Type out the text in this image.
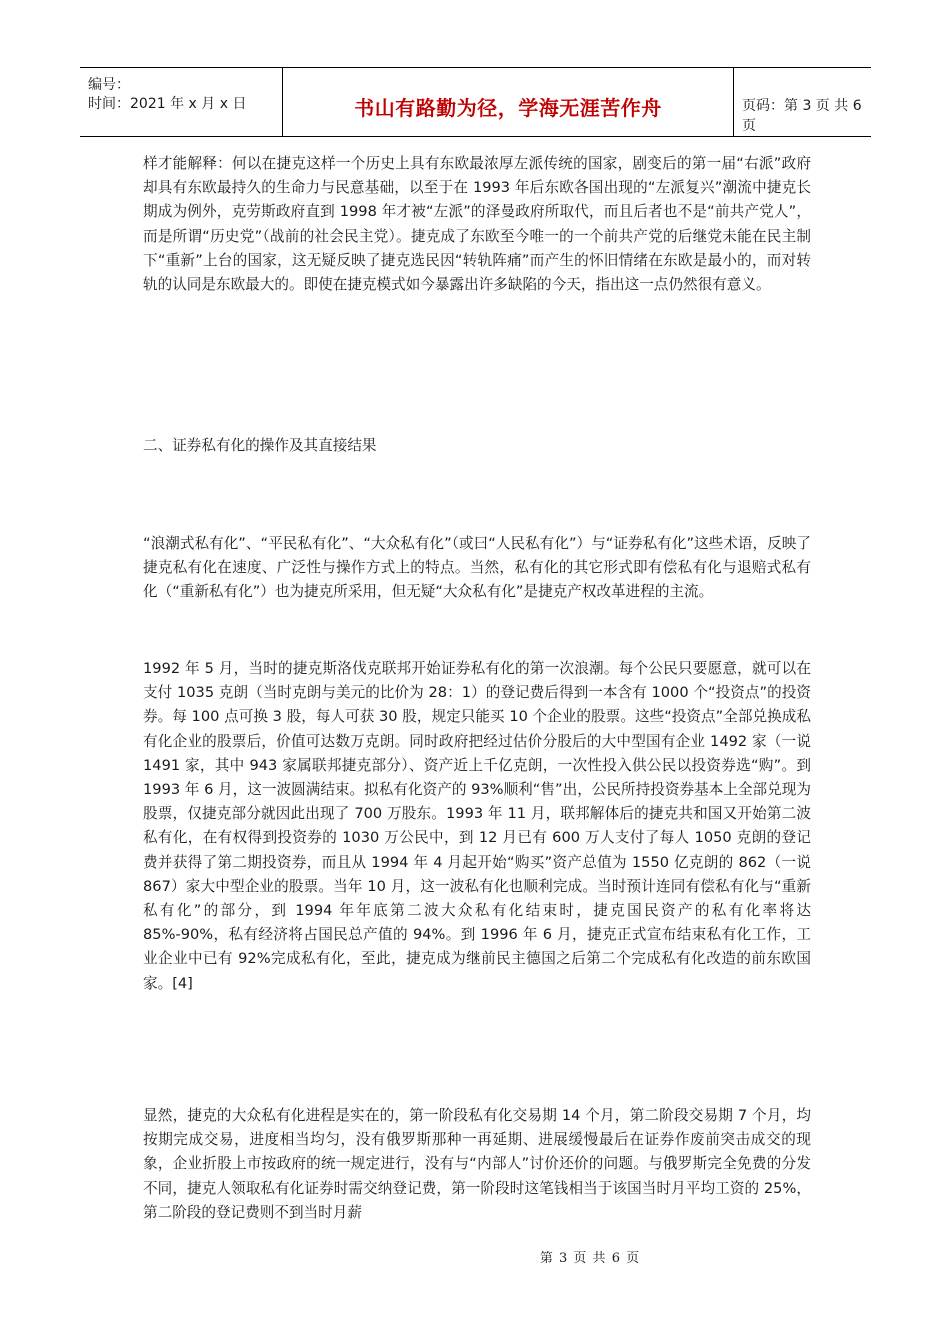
编号：
时间：2021 年 x 月 x 日	书山有路勤为径，学海无涯苦作舟	页码：第 3 页 共 6 页

样才能解释：何以在捷克这样一个历史上具有东欧最浓厚左派传统的国家，剧变后的第一届“右派”政府却具有东欧最持久的生命力与民意基础，以至于在 1993 年后东欧各国出现的“左派复兴”潮流中捷克长期成为例外，克劳斯政府直到 1998 年才被“左派”的泽曼政府所取代，而且后者也不是“前共产党人”，而是所谓“历史党”（战前的社会民主党）。捷克成了东欧至今唯一的一个前共产党的后继党未能在民主制下“重新”上台的国家，这无疑反映了捷克选民因“转轨阵痛”而产生的怀旧情绪在东欧是最小的，而对转轨的认同是东欧最大的。即使在捷克模式如今暴露出许多缺陷的今天，指出这一点仍然很有意义。

二、证券私有化的操作及其直接结果

“浪潮式私有化”、“平民私有化”、“大众私有化”（或曰“人民私有化”）与“证券私有化”这些术语，反映了捷克私有化在速度、广泛性与操作方式上的特点。当然，私有化的其它形式即有偿私有化与退赔式私有化（“重新私有化”）也为捷克所采用，但无疑“大众私有化”是捷克产权改革进程的主流。

1992 年 5 月，当时的捷克斯洛伐克联邦开始证券私有化的第一次浪潮。每个公民只要愿意，就可以在支付 1035 克朗（当时克朗与美元的比价为 28：1）的登记费后得到一本含有 1000 个“投资点”的投资券。每 100 点可换 3 股，每人可获 30 股，规定只能买 10 个企业的股票。这些“投资点”全部兑换成私有化企业的股票后，价值可达数万克朗。同时政府把经过估价分股后的大中型国有企业 1492 家（一说 1491 家，其中 943 家属联邦捷克部分）、资产近上千亿克朗，一次性投入供公民以投资券选“购”。到 1993 年 6 月，这一波圆满结束。拟私有化资产的 93%顺利“售”出，公民所持投资券基本上全部兑现为股票，仅捷克部分就因此出现了 700 万股东。1993 年 11 月，联邦解体后的捷克共和国又开始第二波私有化，在有权得到投资券的 1030 万公民中，到 12 月已有 600 万人支付了每人 1050 克朗的登记费并获得了第二期投资券，而且从 1994 年 4 月起开始“购买”资产总值为 1550 亿克朗的 862（一说 867）家大中型企业的股票。当年 10 月，这一波私有化也顺利完成。当时预计连同有偿私有化与“重新私有化”的部分，到 1994 年年底第二波大众私有化结束时，捷克国民资产的私有化率将达 85%-90%，私有经济将占国民总产值的 94%。到 1996 年 6 月，捷克正式宣布结束私有化工作，工业企业中已有 92%完成私有化，至此，捷克成为继前民主德国之后第二个完成私有化改造的前东欧国家。[4]

显然，捷克的大众私有化进程是实在的，第一阶段私有化交易期 14 个月，第二阶段交易期 7 个月，均按期完成交易，进度相当均匀，没有俄罗斯那种一再延期、进展缓慢最后在证券作废前突击成交的现象，企业折股上市按政府的统一规定进行，没有与“内部人”讨价还价的问题。与俄罗斯完全免费的分发不同，捷克人领取私有化证券时需交纳登记费，第一阶段时这笔钱相当于该国当时月平均工资的 25%，第二阶段的登记费则不到当时月薪

第 3 页 共 6 页
